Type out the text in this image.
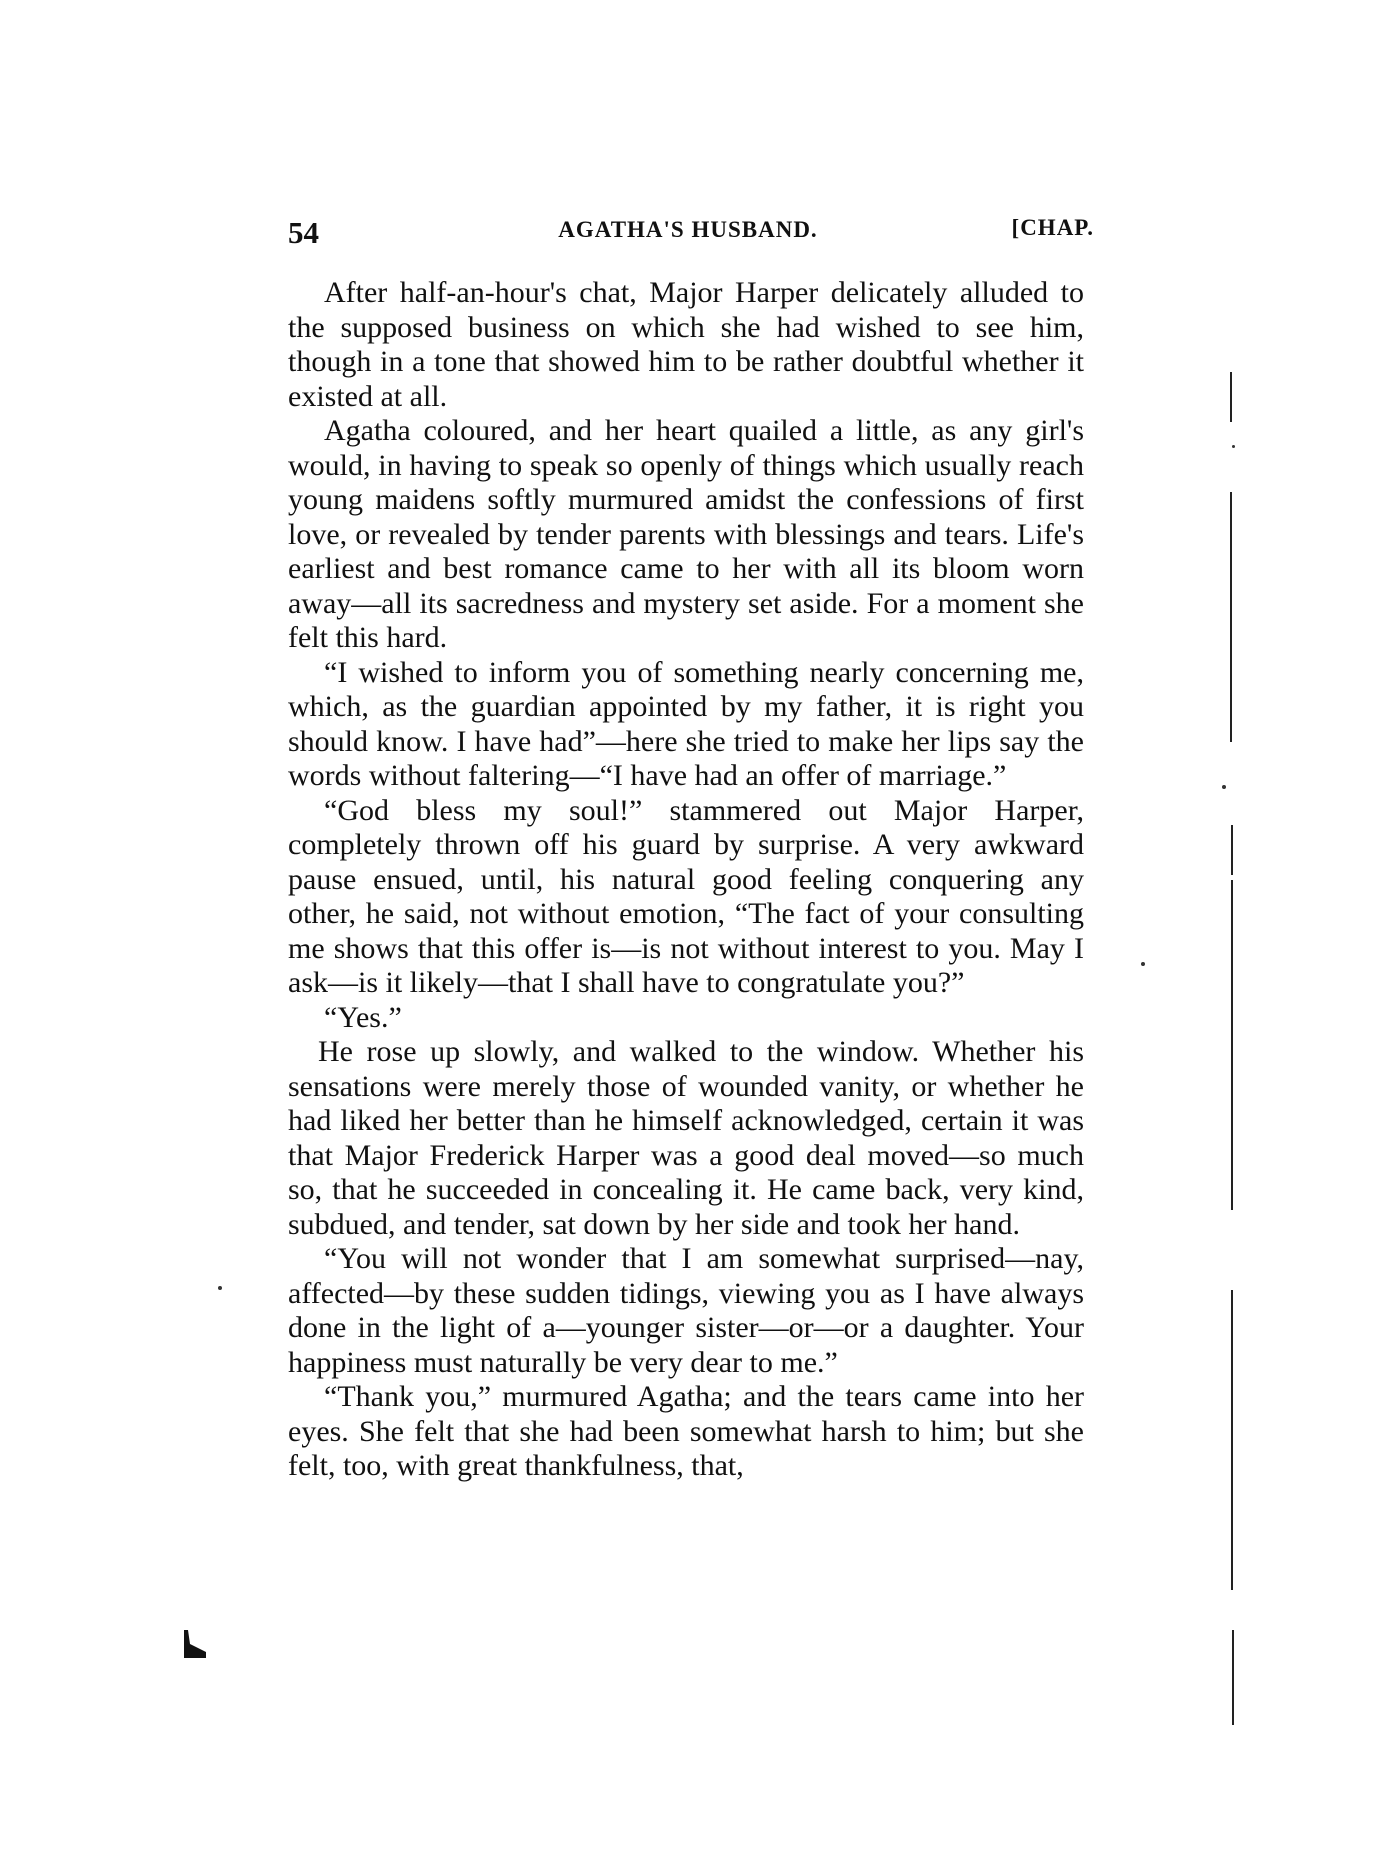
54	AGATHA'S HUSBAND.	[CHAP.

After half-an-hour's chat, Major Harper delicately alluded to the supposed business on which she had wished to see him, though in a tone that showed him to be rather doubtful whether it existed at all.

Agatha coloured, and her heart quailed a little, as any girl's would, in having to speak so openly of things which usually reach young maidens softly murmured amidst the confessions of first love, or revealed by tender parents with blessings and tears. Life's earliest and best romance came to her with all its bloom worn away—all its sacredness and mystery set aside. For a moment she felt this hard.

“I wished to inform you of something nearly concerning me, which, as the guardian appointed by my father, it is right you should know. I have had”—here she tried to make her lips say the words without faltering—“I have had an offer of marriage.”

“God bless my soul!” stammered out Major Harper, completely thrown off his guard by surprise. A very awkward pause ensued, until, his natural good feeling conquering any other, he said, not without emotion, “The fact of your consulting me shows that this offer is—is not without interest to you. May I ask—is it likely—that I shall have to congratulate you?”

“Yes.”

He rose up slowly, and walked to the window. Whether his sensations were merely those of wounded vanity, or whether he had liked her better than he himself acknowledged, certain it was that Major Frederick Harper was a good deal moved—so much so, that he succeeded in concealing it. He came back, very kind, subdued, and tender, sat down by her side and took her hand.

“You will not wonder that I am somewhat surprised—nay, affected—by these sudden tidings, viewing you as I have always done in the light of a—younger sister—or—or a daughter. Your happiness must naturally be very dear to me.”

“Thank you,” murmured Agatha; and the tears came into her eyes. She felt that she had been somewhat harsh to him; but she felt, too, with great thankfulness, that,
